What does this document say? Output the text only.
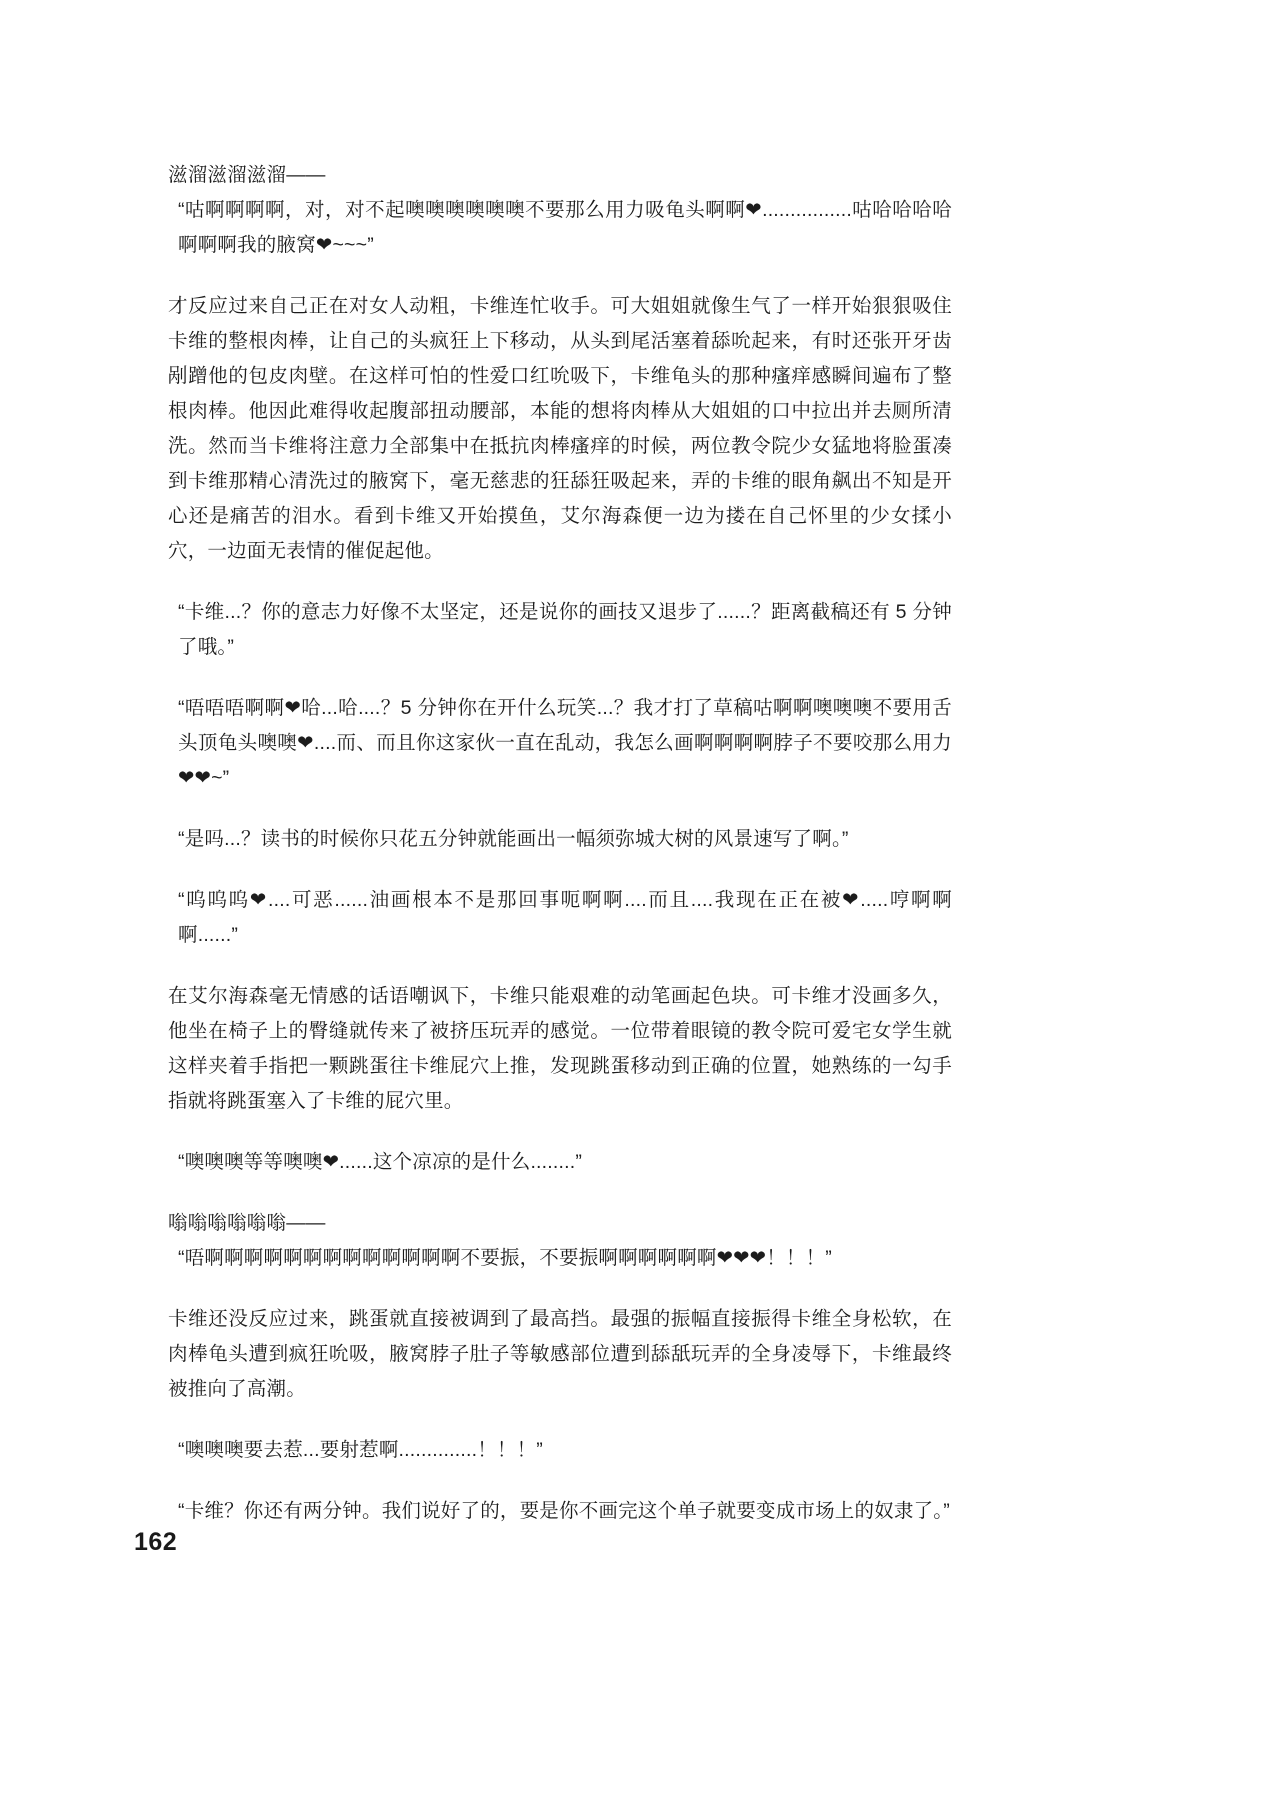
滋溜滋溜滋溜——

“咕啊啊啊啊，对，对不起噢噢噢噢噢噢不要那么用力吸龟头啊啊❤................咕哈哈哈哈啊啊啊我的腋窝❤~~~”

才反应过来自己正在对女人动粗，卡维连忙收手。可大姐姐就像生气了一样开始狠狠吸住卡维的整根肉棒，让自己的头疯狂上下移动，从头到尾活塞着舔吮起来，有时还张开牙齿剐蹭他的包皮肉壁。在这样可怕的性爱口红吮吸下，卡维龟头的那种瘙痒感瞬间遍布了整根肉棒。他因此难得收起腹部扭动腰部，本能的想将肉棒从大姐姐的口中拉出并去厕所清洗。然而当卡维将注意力全部集中在抵抗肉棒瘙痒的时候，两位教令院少女猛地将脸蛋凑到卡维那精心清洗过的腋窝下，毫无慈悲的狂舔狂吸起来，弄的卡维的眼角飙出不知是开心还是痛苦的泪水。看到卡维又开始摸鱼，艾尔海森便一边为搂在自己怀里的少女揉小穴，一边面无表情的催促起他。

“卡维...？你的意志力好像不太坚定，还是说你的画技又退步了......？距离截稿还有 5 分钟了哦。”

“唔唔唔啊啊❤哈...哈....？5 分钟你在开什么玩笑...？我才打了草稿咕啊啊噢噢噢不要用舌头顶龟头噢噢❤....而、而且你这家伙一直在乱动，我怎么画啊啊啊啊脖子不要咬那么用力❤❤~”

“是吗...？读书的时候你只花五分钟就能画出一幅须弥城大树的风景速写了啊。”

“呜呜呜❤....可恶......油画根本不是那回事呃啊啊....而且....我现在正在被❤.....哼啊啊啊......”

在艾尔海森毫无情感的话语嘲讽下，卡维只能艰难的动笔画起色块。可卡维才没画多久，他坐在椅子上的臀缝就传来了被挤压玩弄的感觉。一位带着眼镜的教令院可爱宅女学生就这样夹着手指把一颗跳蛋往卡维屁穴上推，发现跳蛋移动到正确的位置，她熟练的一勾手指就将跳蛋塞入了卡维的屁穴里。

“噢噢噢等等噢噢❤......这个凉凉的是什么........”

嗡嗡嗡嗡嗡嗡——

“唔啊啊啊啊啊啊啊啊啊啊啊啊啊不要振，不要振啊啊啊啊啊啊❤❤❤！！！”

卡维还没反应过来，跳蛋就直接被调到了最高挡。最强的振幅直接振得卡维全身松软，在肉棒龟头遭到疯狂吮吸，腋窝脖子肚子等敏感部位遭到舔舐玩弄的全身凌辱下，卡维最终被推向了高潮。

“噢噢噢要去惹...要射惹啊..............！！！”

“卡维？你还有两分钟。我们说好了的，要是你不画完这个单子就要变成市场上的奴隶了。”

162
